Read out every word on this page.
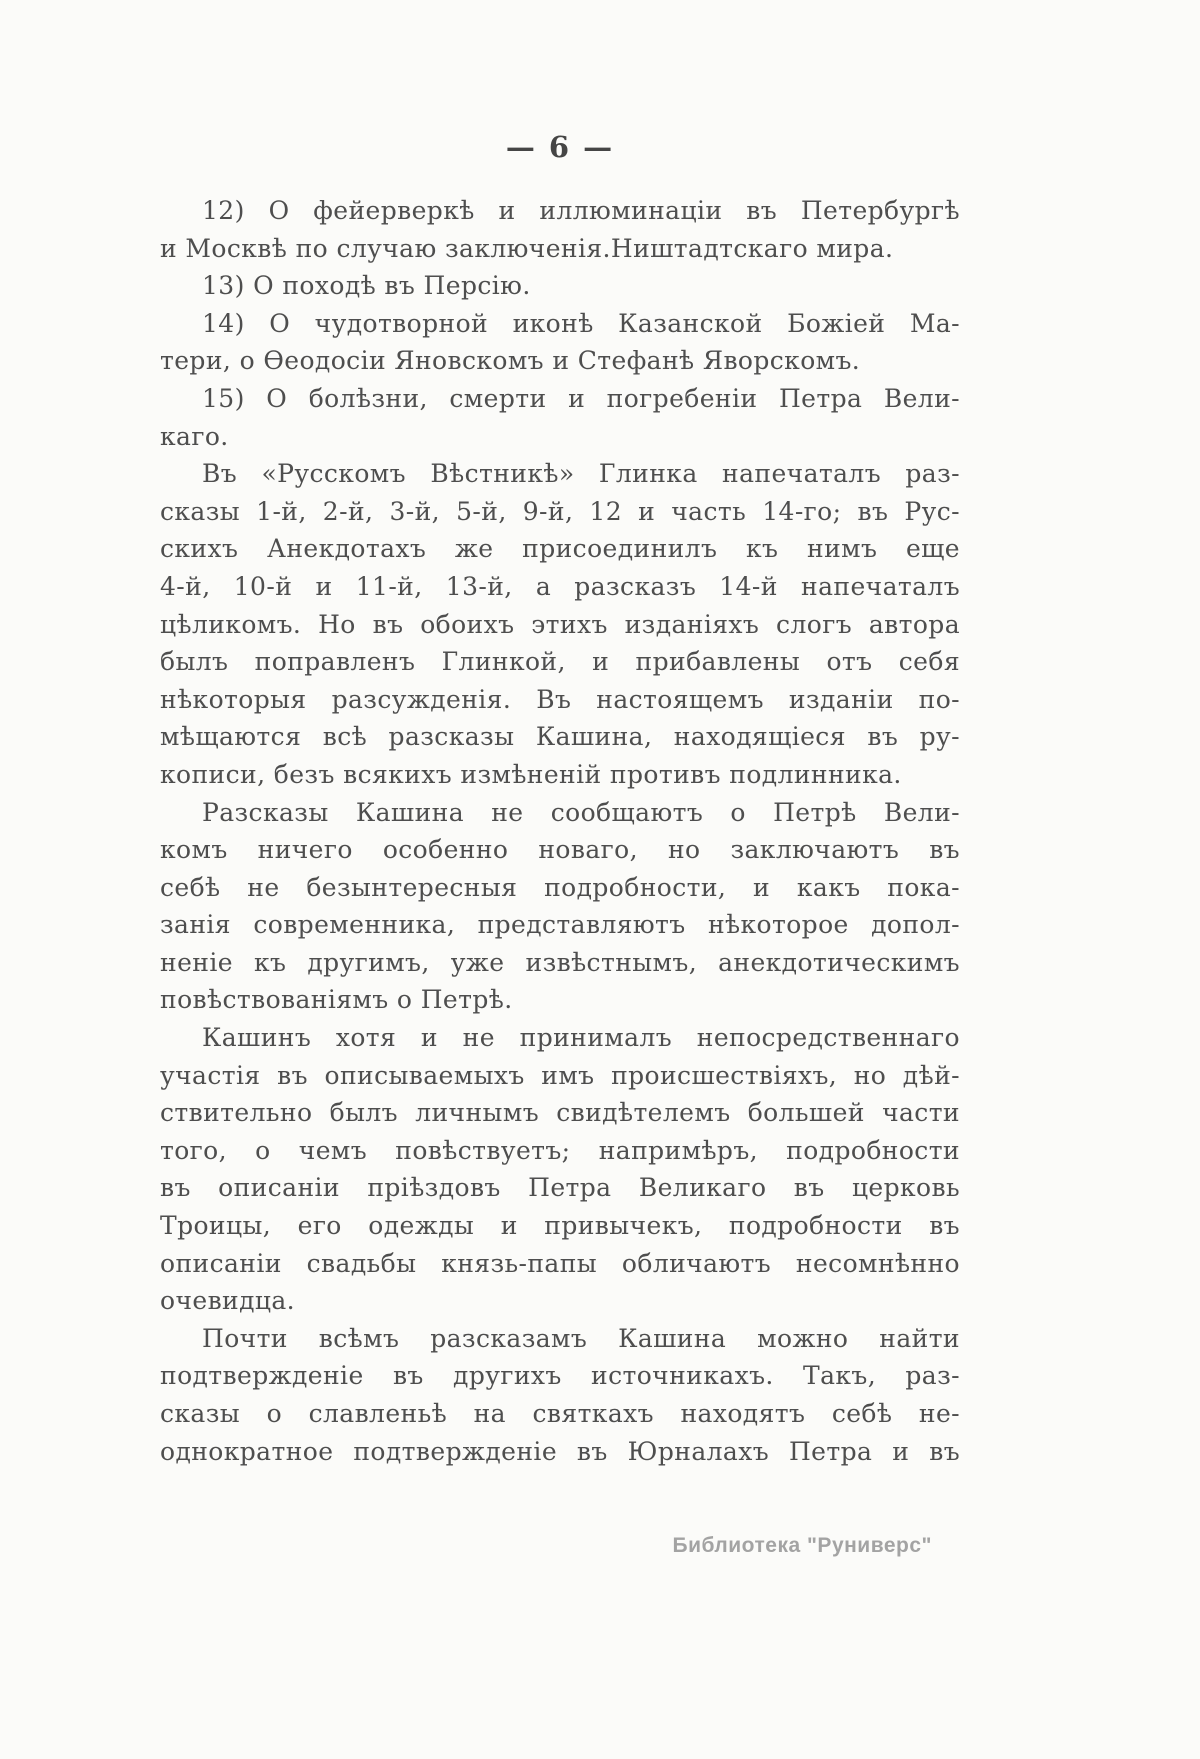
— 6 —
12) О фейерверкѣ и иллюминаціи въ Петербургѣ
и Москвѣ по случаю заключенія.Ништадтскаго мира.
13) О походѣ въ Персію.
14) О чудотворной иконѣ Казанской Божіей Ма-
тери, о Ѳеодосіи Яновскомъ и Стефанѣ Яворскомъ.
15) О болѣзни, смерти и погребеніи Петра Вели-
каго.
Въ «Русскомъ Вѣстникѣ» Глинка напечаталъ раз-
сказы 1-й, 2-й, 3-й, 5-й, 9-й, 12 и часть 14-го; въ Рус-
скихъ Анекдотахъ же присоединилъ къ нимъ еще
4-й, 10-й и 11-й, 13-й, а разсказъ 14-й напечаталъ
цѣликомъ. Но въ обоихъ этихъ изданіяхъ слогъ автора
былъ поправленъ Глинкой, и прибавлены отъ себя
нѣкоторыя разсужденія. Въ настоящемъ изданіи по-
мѣщаются всѣ разсказы Кашина, находящіеся въ ру-
кописи, безъ всякихъ измѣненій противъ подлинника.
Разсказы Кашина не сообщаютъ о Петрѣ Вели-
комъ ничего особенно новаго, но заключаютъ въ
себѣ не безынтересныя подробности, и какъ пока-
занія современника, представляютъ нѣкоторое допол-
неніе къ другимъ, уже извѣстнымъ, анекдотическимъ
повѣствованіямъ о Петрѣ.
Кашинъ хотя и не принималъ непосредственнаго
участія въ описываемыхъ имъ происшествіяхъ, но дѣй-
ствительно былъ личнымъ свидѣтелемъ большей части
того, о чемъ повѣствуетъ; напримѣръ, подробности
въ описаніи пріѣздовъ Петра Великаго въ церковь
Троицы, его одежды и привычекъ, подробности въ
описаніи свадьбы князь-папы обличаютъ несомнѣнно
очевидца.
Почти всѣмъ разсказамъ Кашина можно найти
подтвержденіе въ другихъ источникахъ. Такъ, раз-
сказы о славленьѣ на святкахъ находятъ себѣ не-
однократное подтвержденіе въ Юрналахъ Петра и въ
Библиотека "Руниверс"
